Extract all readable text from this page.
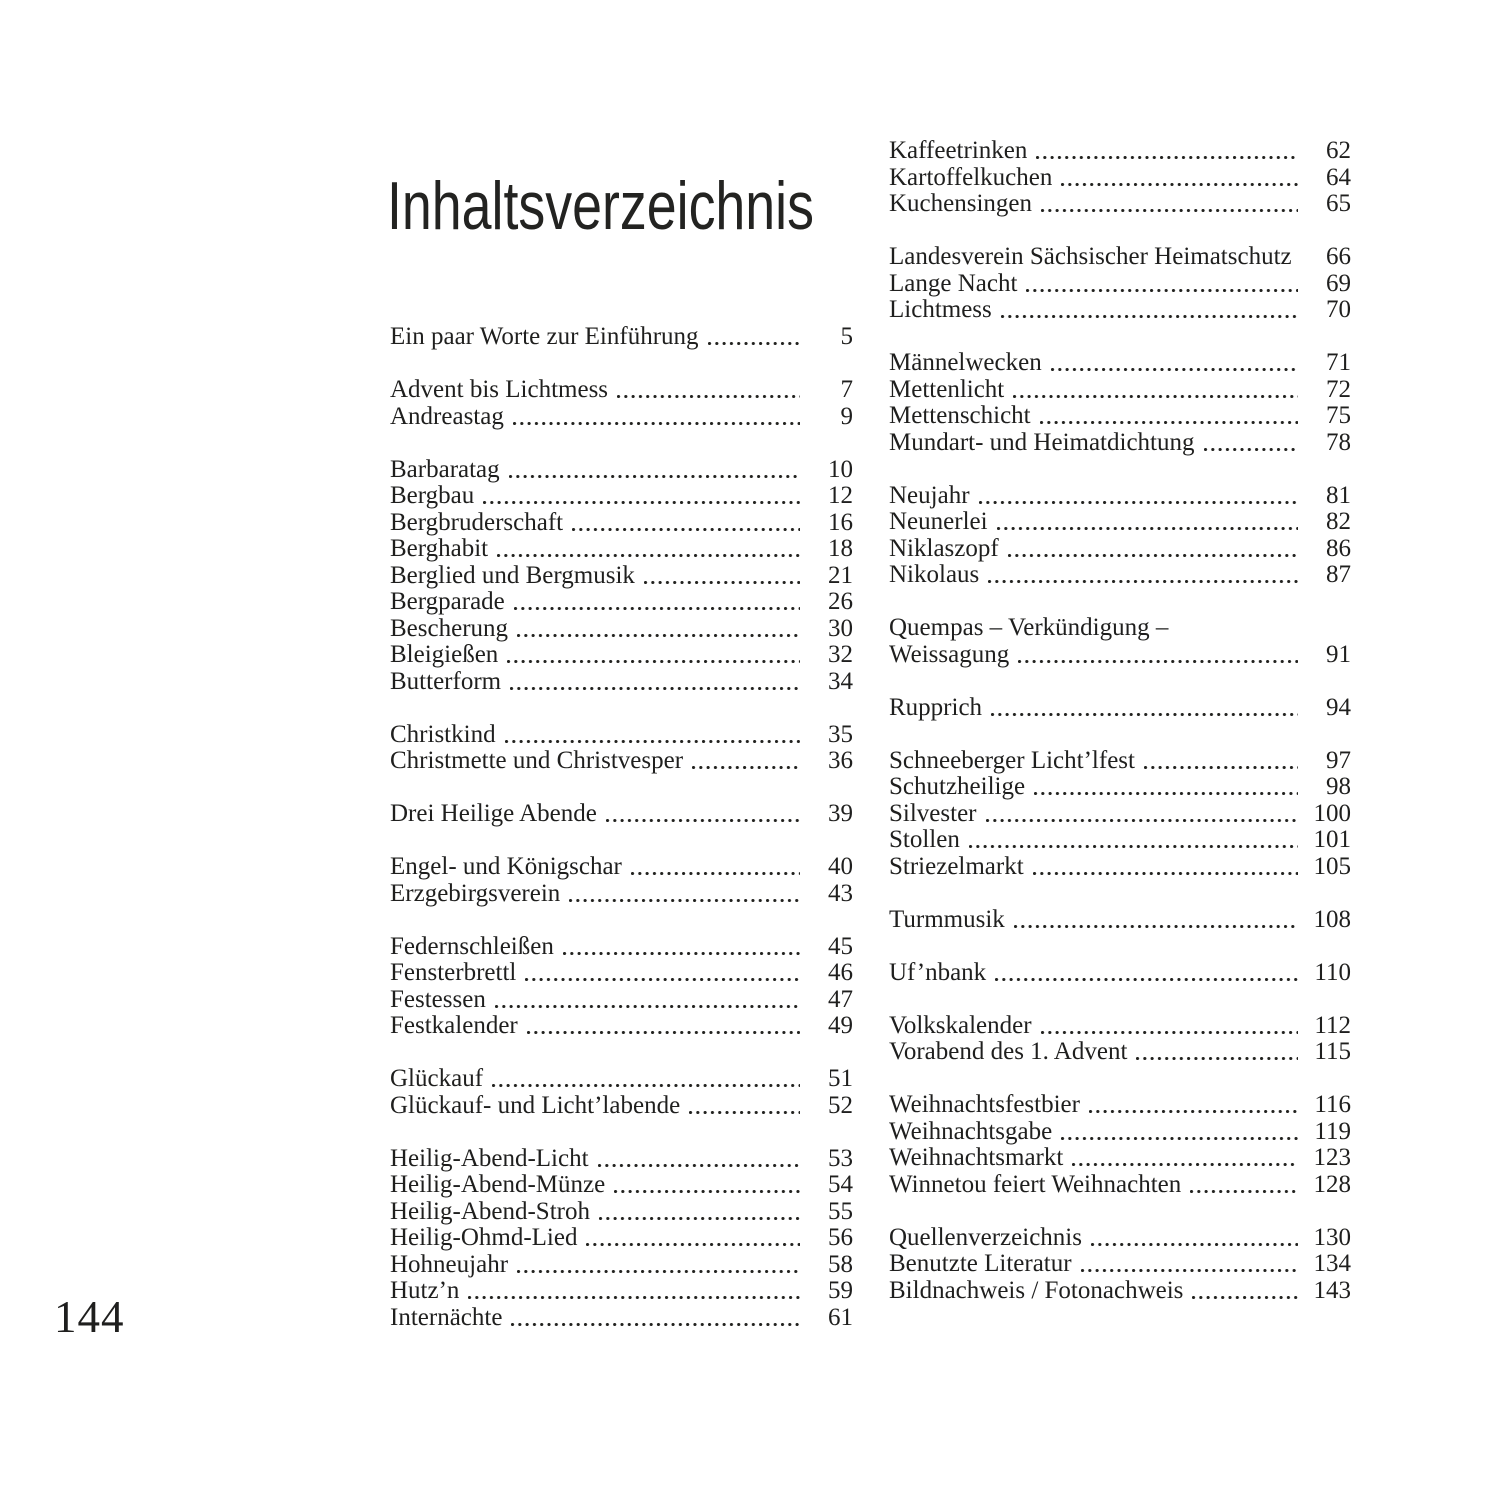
Inhaltsverzeichnis
Ein paar Worte zur Einführung	5
Advent bis Lichtmess	7
Andreastag	9
Barbaratag	10
Bergbau	12
Bergbruderschaft	16
Berghabit	18
Berglied und Bergmusik	21
Bergparade	26
Bescherung	30
Bleigießen	32
Butterform	34
Christkind	35
Christmette und Christvesper	36
Drei Heilige Abende	39
Engel- und Königschar	40
Erzgebirgsverein	43
Federnschleißen	45
Fensterbrettl	46
Festessen	47
Festkalender	49
Glückauf	51
Glückauf- und Licht’labende	52
Heilig-Abend-Licht	53
Heilig-Abend-Münze	54
Heilig-Abend-Stroh	55
Heilig-Ohmd-Lied	56
Hohneujahr	58
Hutz’n	59
Internächte	61
Kaffeetrinken	62
Kartoffelkuchen	64
Kuchensingen	65
Landesverein Sächsischer Heimatschutz	66
Lange Nacht	69
Lichtmess	70
Männelwecken	71
Mettenlicht	72
Mettenschicht	75
Mundart- und Heimatdichtung	78
Neujahr	81
Neunerlei	82
Niklaszopf	86
Nikolaus	87
Quempas – Verkündigung –
Weissagung	91
Rupprich	94
Schneeberger Licht’lfest	97
Schutzheilige	98
Silvester	100
Stollen	101
Striezelmarkt	105
Turmmusik	108
Uf’nbank	110
Volkskalender	112
Vorabend des 1. Advent	115
Weihnachtsfestbier	116
Weihnachtsgabe	119
Weihnachtsmarkt	123
Winnetou feiert Weihnachten	128
Quellenverzeichnis	130
Benutzte Literatur	134
Bildnachweis / Fotonachweis	143
144
